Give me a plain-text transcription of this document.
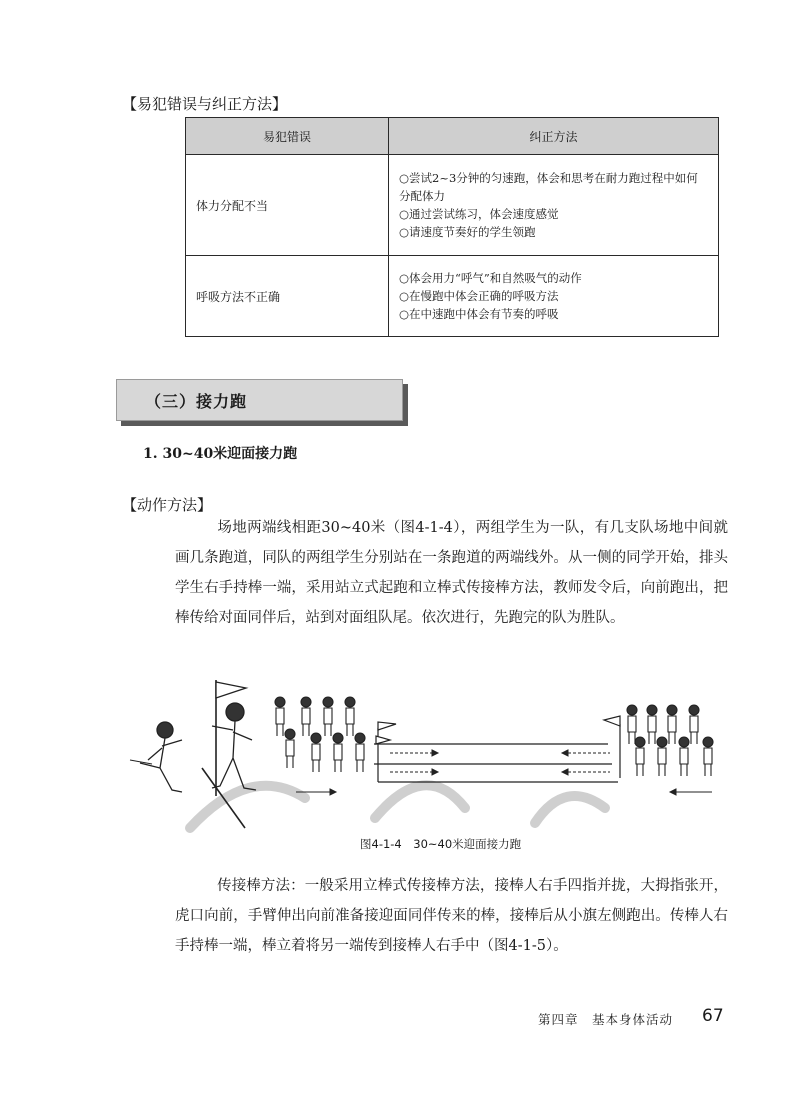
【易犯错误与纠正方法】
易犯错误	纠正方法
体力分配不当	○尝试2~3分钟的匀速跑，体会和思考在耐力跑过程中如何分配体力
○通过尝试练习，体会速度感觉
○请速度节奏好的学生领跑

呼吸方法不正确	○体会用力“呼气”和自然吸气的动作
○在慢跑中体会正确的呼吸方法
○在中速跑中体会有节奏的呼吸
（三）接力跑
1. 30~40米迎面接力跑
【动作方法】
场地两端线相距30~40米（图4-1-4），两组学生为一队，有几支队场地中间就画几条跑道，同队的两组学生分别站在一条跑道的两端线外。从一侧的同学开始，排头学生右手持棒一端，采用站立式起跑和立棒式传接棒方法，教师发令后，向前跑出，把棒传给对面同伴后，站到对面组队尾。依次进行，先跑完的队为胜队。
图4-1-4　30~40米迎面接力跑
传接棒方法：一般采用立棒式传接棒方法，接棒人右手四指并拢，大拇指张开，虎口向前，手臂伸出向前准备接迎面同伴传来的棒，接棒后从小旗左侧跑出。传棒人右手持棒一端，棒立着将另一端传到接棒人右手中（图4-1-5）。
第四章　基本身体活动 67
